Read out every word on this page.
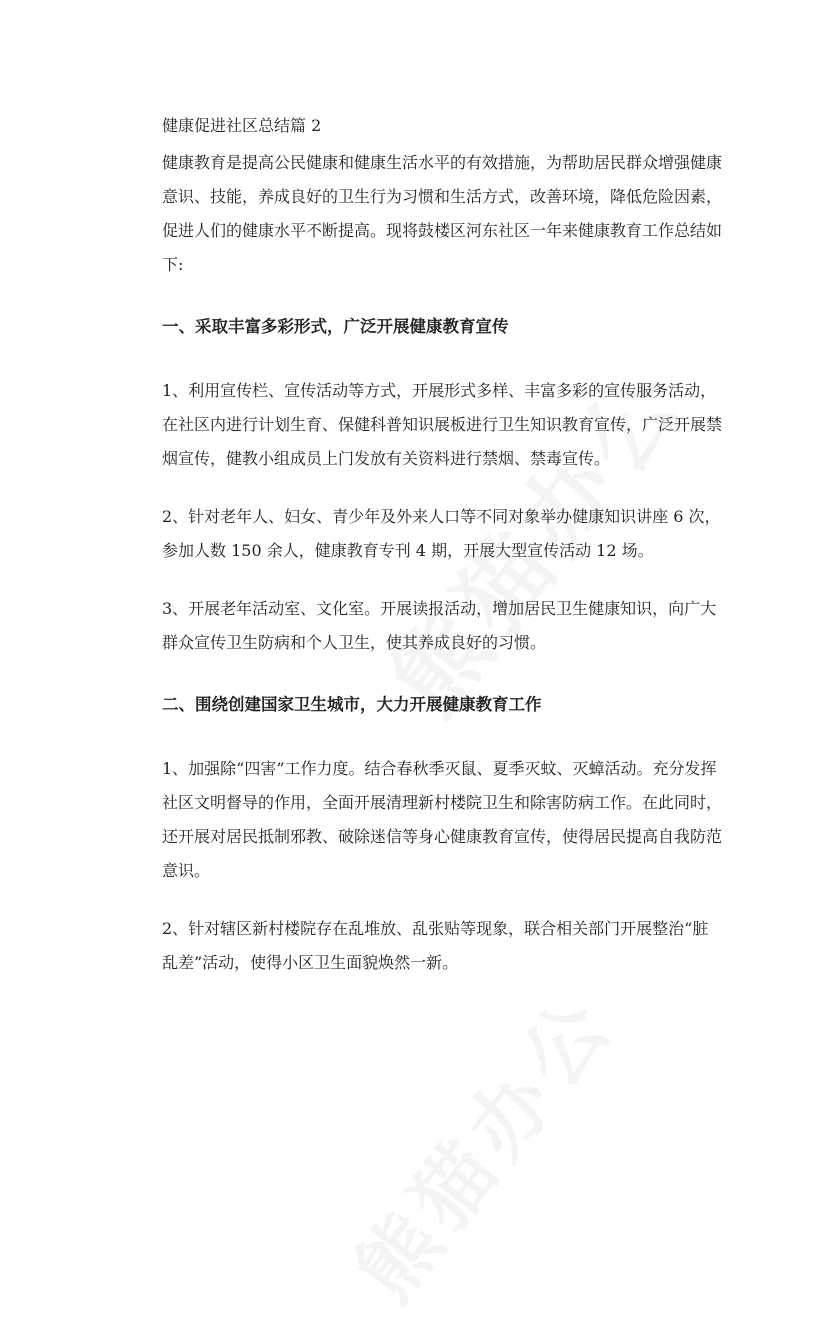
健康促进社区总结篇 2

健康教育是提高公民健康和健康生活水平的有效措施，为帮助居民群众增强健康意识、技能，养成良好的卫生行为习惯和生活方式，改善环境，降低危险因素，促进人们的健康水平不断提高。现将鼓楼区河东社区一年来健康教育工作总结如下:

一、采取丰富多彩形式，广泛开展健康教育宣传

1、利用宣传栏、宣传活动等方式，开展形式多样、丰富多彩的宣传服务活动，在社区内进行计划生育、保健科普知识展板进行卫生知识教育宣传，广泛开展禁烟宣传，健教小组成员上门发放有关资料进行禁烟、禁毒宣传。

2、针对老年人、妇女、青少年及外来人口等不同对象举办健康知识讲座 6 次，参加人数 150 余人，健康教育专刊 4 期，开展大型宣传活动 12 场。

3、开展老年活动室、文化室。开展读报活动，增加居民卫生健康知识，向广大群众宣传卫生防病和个人卫生，使其养成良好的习惯。

二、围绕创建国家卫生城市，大力开展健康教育工作

1、加强除“四害”工作力度。结合春秋季灭鼠、夏季灭蚊、灭蟑活动。充分发挥社区文明督导的作用，全面开展清理新村楼院卫生和除害防病工作。在此同时，还开展对居民抵制邪教、破除迷信等身心健康教育宣传，使得居民提高自我防范意识。

2、针对辖区新村楼院存在乱堆放、乱张贴等现象，联合相关部门开展整治“脏乱差”活动，使得小区卫生面貌焕然一新。
